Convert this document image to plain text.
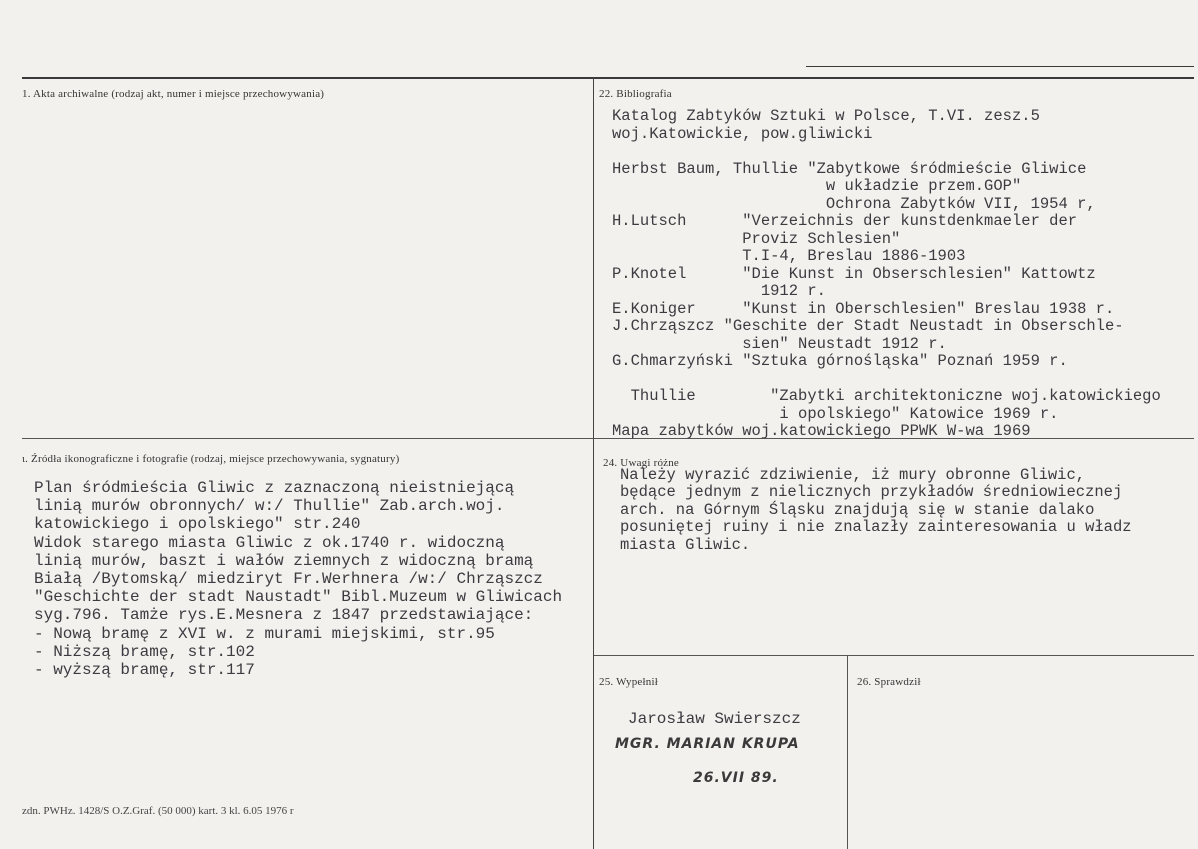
1. Akta archiwalne (rodzaj akt, numer i miejsce przechowywania)	22. Bibliografia
Katalog Zabtyków Sztuki w Polsce, T.VI. zesz.5
woj.Katowickie, pow.gliwicki

Herbst Baum, Thullie "Zabytkowe śródmieście Gliwice
w układzie przem.GOP"
Ochrona Zabytków VII, 1954 r,
H.Lutsch      "Verzeichnis der kunstdenkmaeler der
Proviz Schlesien"
T.I-4, Breslau 1886-1903
P.Knotel      "Die Kunst in Obserschlesien" Kattowtz
1912 r.
E.Koniger     "Kunst in Oberschlesien" Breslau 1938 r.
J.Chrząszcz "Geschite der Stadt Neustadt in Obserschle-
sien" Neustadt 1912 r.
G.Chmarzyński "Sztuka górnośląska" Poznań 1959 r.

Thullie        "Zabytki architektoniczne woj.katowickiego
i opolskiego" Katowice 1969 r.
Mapa zabytków woj.katowickiego PPWK W-wa 1969
ι. Źródła ikonograficzne i fotografie (rodzaj, miejsce przechowywania, sygnatury)
Plan śródmieścia Gliwic z zaznaczoną nieistniejącą
linią murów obronnych/ w:/ Thullie" Zab.arch.woj.
katowickiego i opolskiego" str.240
Widok starego miasta Gliwic z ok.1740 r. widoczną
linią murów, baszt i wałów ziemnych z widoczną bramą
Białą /Bytomską/ miedziryt Fr.Werhnera /w:/ Chrząszcz
"Geschichte der stadt Naustadt" Bibl.Muzeum w Gliwicach
syg.796. Tamże rys.E.Mesnera z 1847 przedstawiające:
- Nową bramę z XVI w. z murami miejskimi, str.95
- Niższą bramę, str.102
- wyższą bramę, str.117
24. Uwagi różne
Należy wyrazić zdziwienie, iż mury obronne Gliwic,
będące jednym z nielicznych przykładów średniowiecznej
arch. na Górnym Śląsku znajdują się w stanie dalako
posuniętej ruiny i nie znalazły zainteresowania u władz
miasta Gliwic.
25. Wypełnił
Jarosław Swierszcz
MGR. MARIAN KRUPA
26.VII 89.
26. Sprawdził
zdn. PWHz. 1428/S O.Z.Graf. (50 000) kart. 3 kl. 6.05 1976 r
